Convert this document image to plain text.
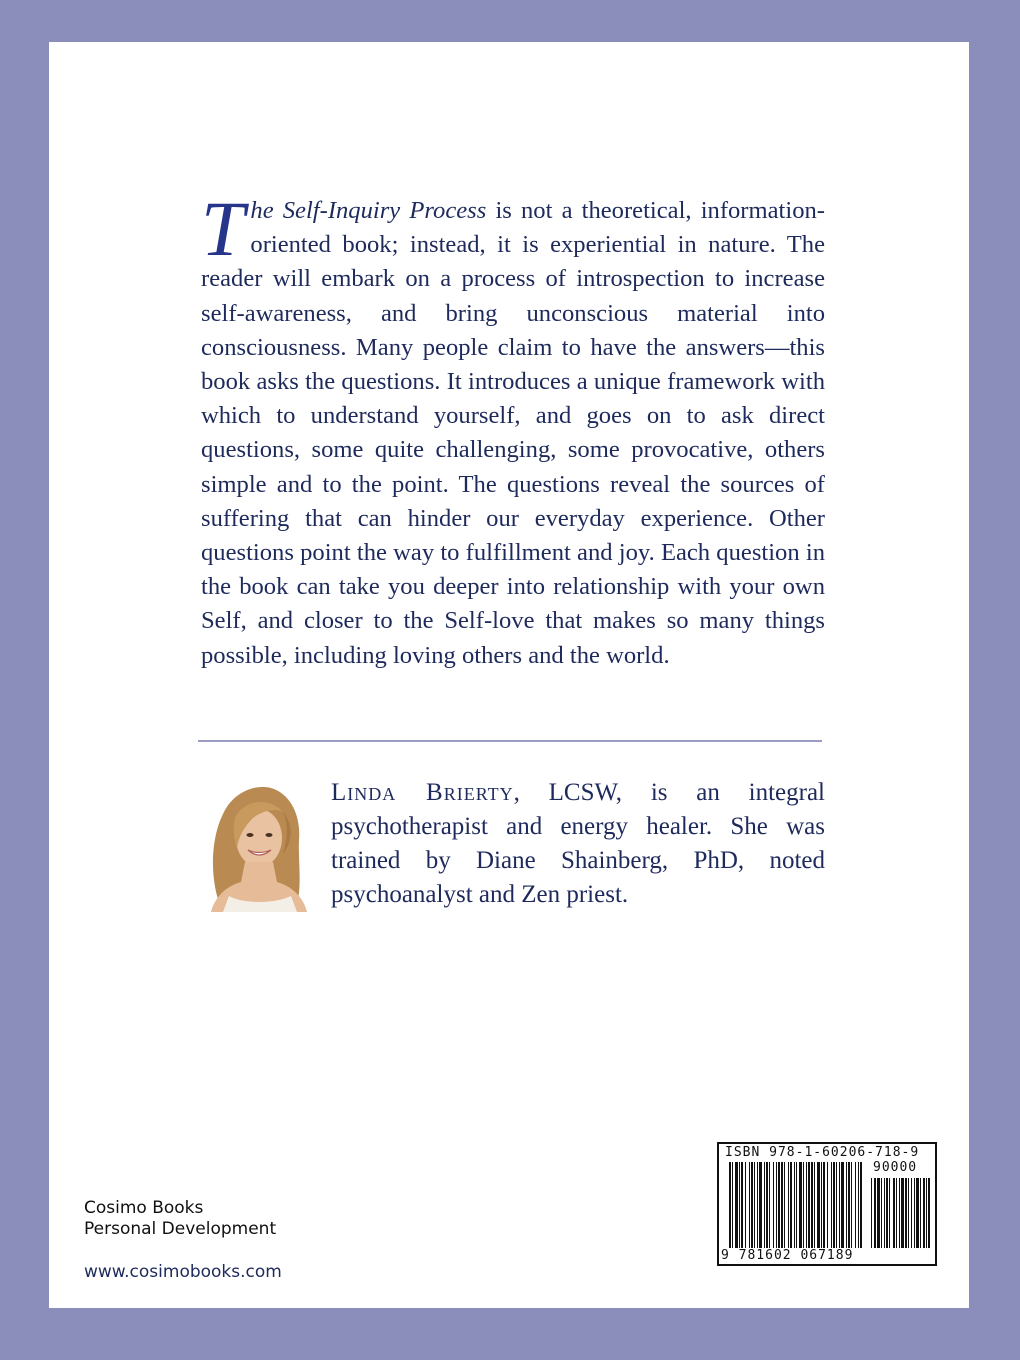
The Self-Inquiry Process is not a theoretical, information-oriented book; instead, it is experiential in nature. The reader will embark on a process of introspection to increase self-awareness, and bring unconscious material into consciousness. Many people claim to have the answers—this book asks the questions. It introduces a unique framework with which to understand yourself, and goes on to ask direct questions, some quite challenging, some provocative, others simple and to the point. The questions reveal the sources of suffering that can hinder our everyday experience. Other questions point the way to fulfillment and joy. Each question in the book can take you deeper into relationship with your own Self, and closer to the Self-love that makes so many things possible, including loving others and the world.

Linda Brierty, LCSW, is an integral psychotherapist and energy healer. She was trained by Diane Shainberg, PhD, noted psychoanalyst and Zen priest.

Cosimo Books
Personal Development
www.cosimobooks.com
ISBN 978-1-60206-718-9
90000
9 781602 067189
